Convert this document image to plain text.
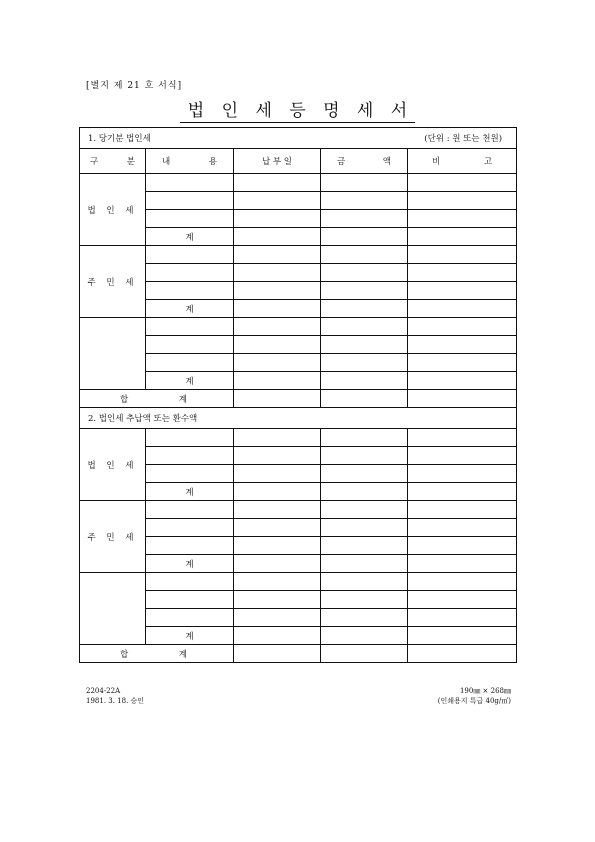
[별지 제 21 호 서식]
법 인 세 등 명 세 서
1. 당기분 법인세 (단위 : 원 또는 천원)				

구 분	내 용	납 부 일	금 액	비 고

법 인 세				

	계			
주 민 세				

	계			

	계			

합 계				

2. 법인세 추납액 또는 환수액				

법 인 세				

	계			
주 민 세				

	계			

	계			

합 계				

2204-22A
1981. 3. 18. 승인
190㎜ × 268㎜
(인쇄용지 특급 40g/㎡)
